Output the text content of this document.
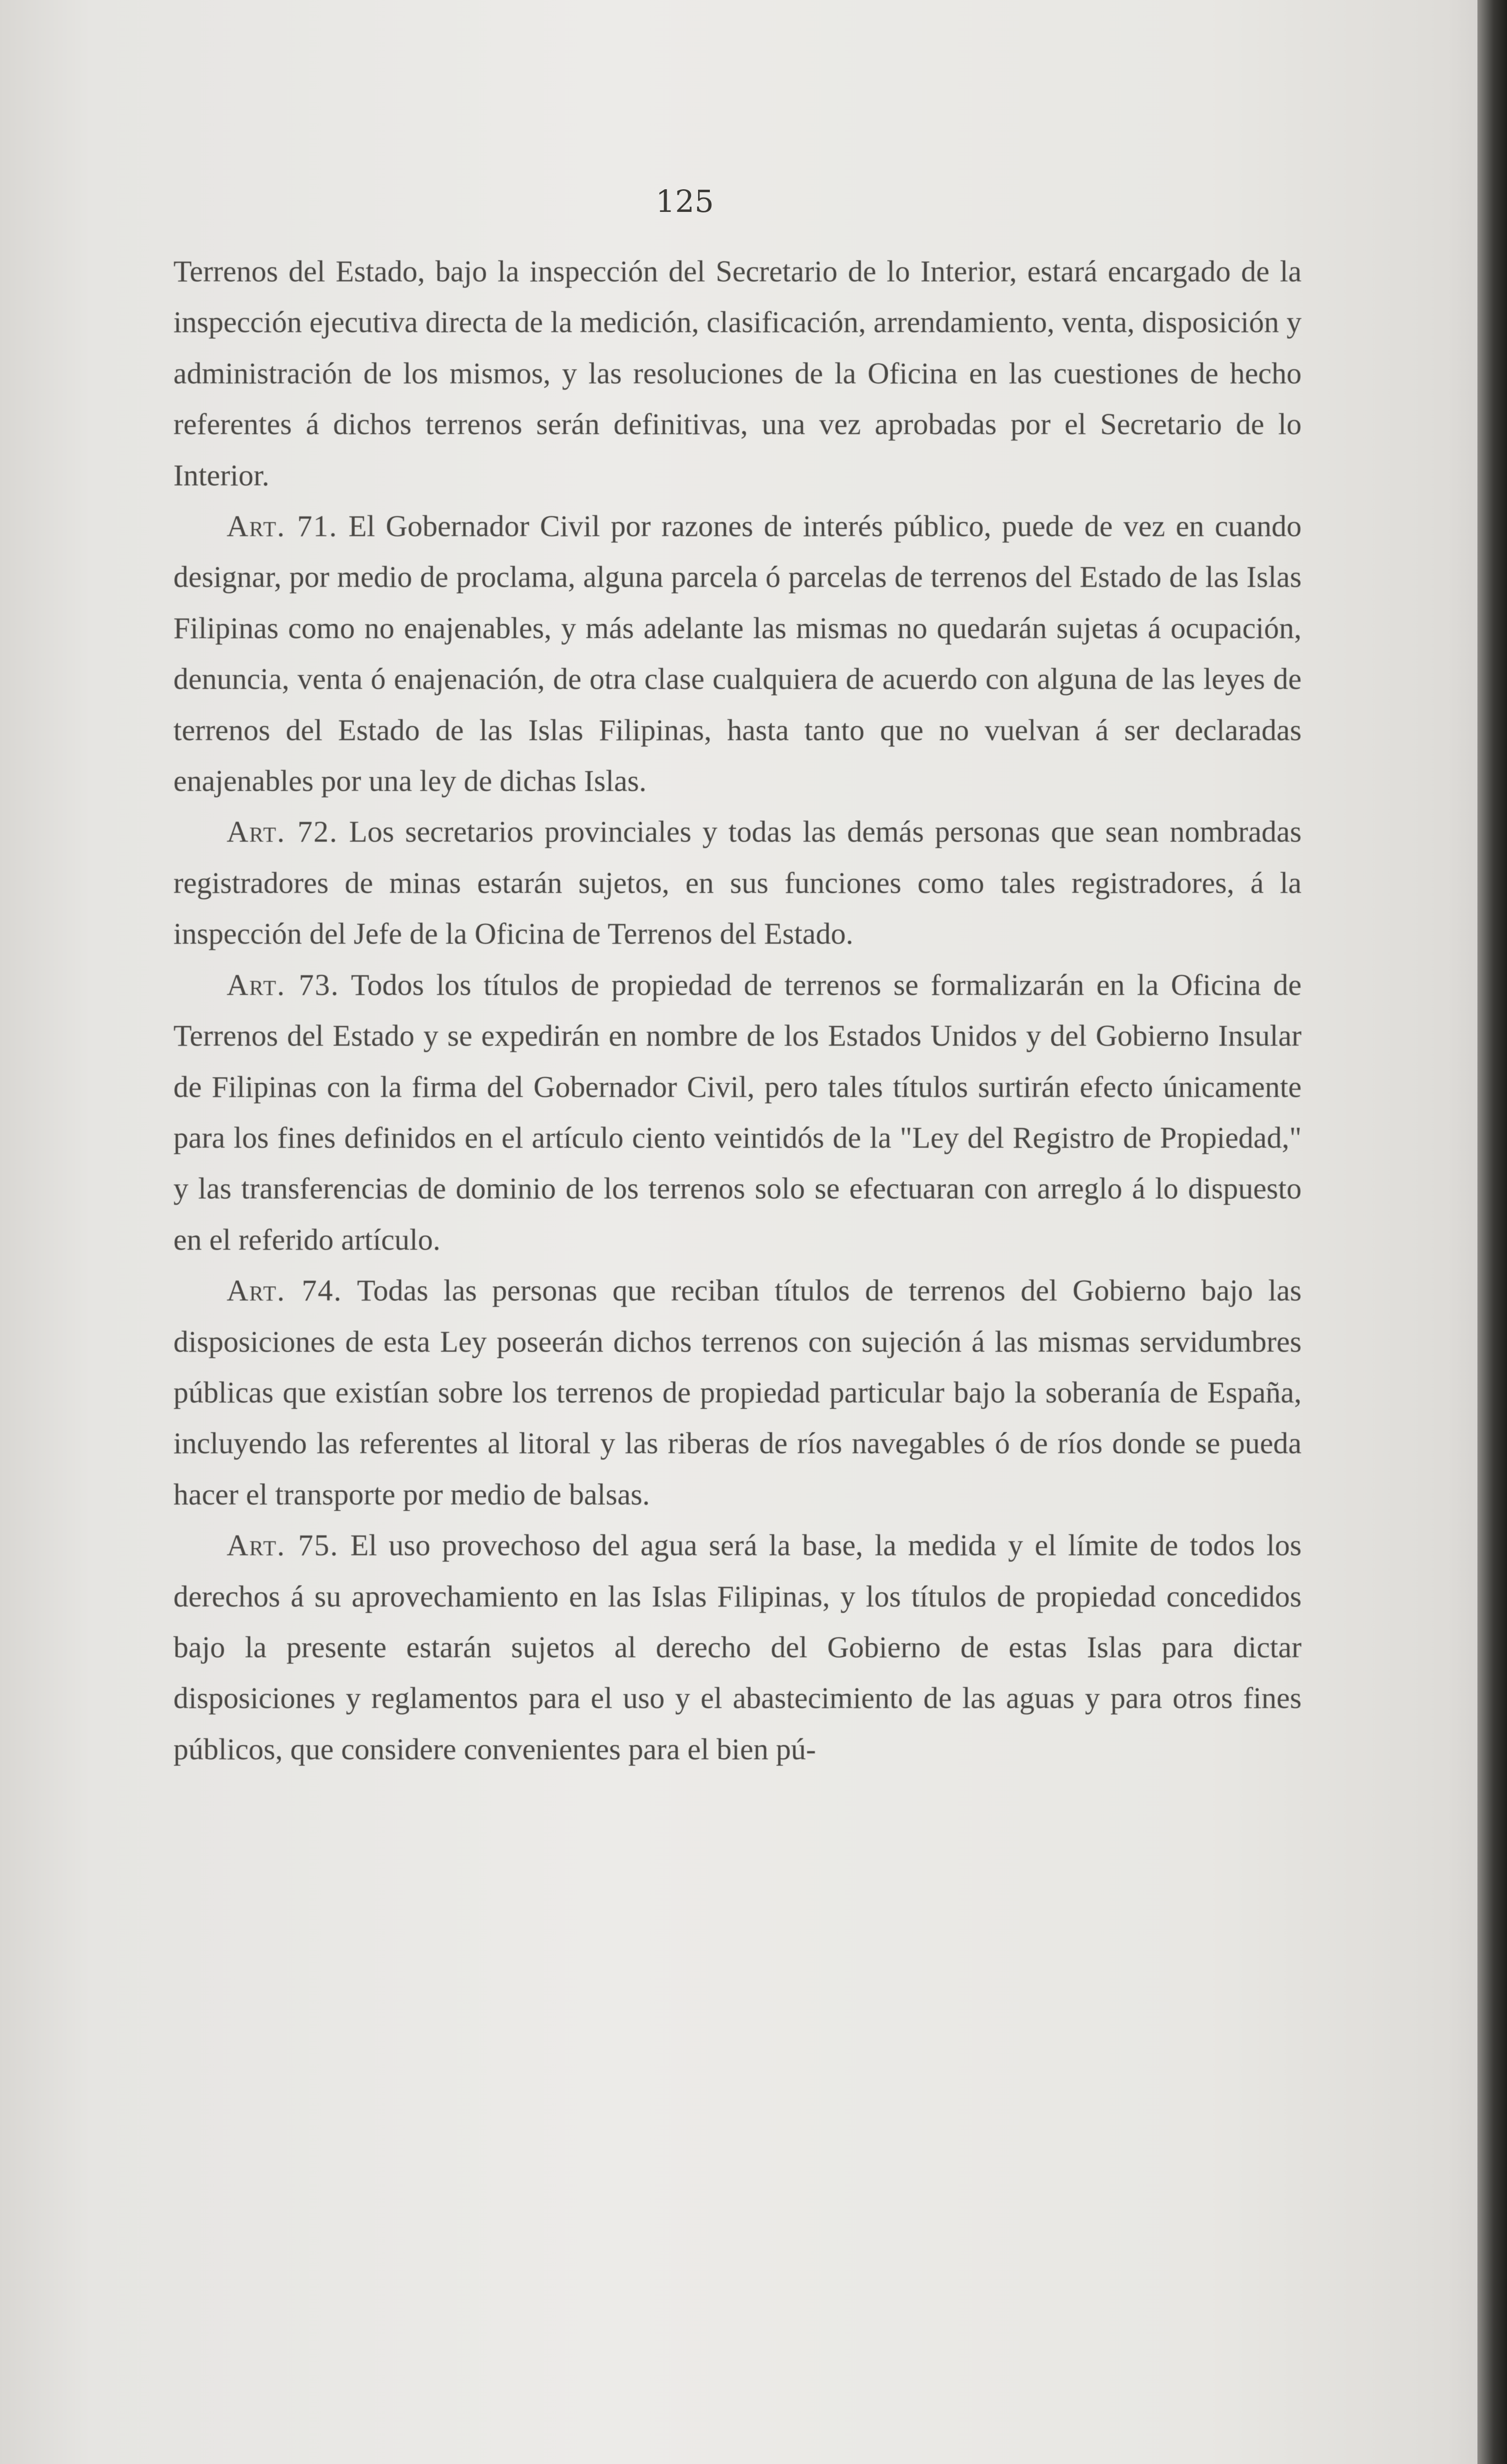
125

Terrenos del Estado, bajo la inspección del Secretario de lo Interior, estará encargado de la inspección ejecutiva directa de la medición, clasificación, arrendamiento, venta, disposición y administración de los mismos, y las resoluciones de la Oficina en las cuestiones de hecho referentes á dichos terrenos serán definitivas, una vez aprobadas por el Secretario de lo Interior.

Art. 71. El Gobernador Civil por razones de interés público, puede de vez en cuando designar, por medio de proclama, alguna parcela ó parcelas de terrenos del Estado de las Islas Filipinas como no enajenables, y más adelante las mismas no quedarán sujetas á ocupación, denuncia, venta ó enajenación, de otra clase cualquiera de acuerdo con alguna de las leyes de terrenos del Estado de las Islas Filipinas, hasta tanto que no vuelvan á ser declaradas enajenables por una ley de dichas Islas.

Art. 72. Los secretarios provinciales y todas las demás personas que sean nombradas registradores de minas estarán sujetos, en sus funciones como tales registradores, á la inspección del Jefe de la Oficina de Terrenos del Estado.

Art. 73. Todos los títulos de propiedad de terrenos se formalizarán en la Oficina de Terrenos del Estado y se expedirán en nombre de los Estados Unidos y del Gobierno Insular de Filipinas con la firma del Gobernador Civil, pero tales títulos surtirán efecto únicamente para los fines definidos en el artículo ciento veintidós de la "Ley del Registro de Propiedad," y las transferencias de dominio de los terrenos solo se efectuaran con arreglo á lo dispuesto en el referido artículo.

Art. 74. Todas las personas que reciban títulos de terrenos del Gobierno bajo las disposiciones de esta Ley poseerán dichos terrenos con sujeción á las mismas servidumbres públicas que existían sobre los terrenos de propiedad particular bajo la soberanía de España, incluyendo las referentes al litoral y las riberas de ríos navegables ó de ríos donde se pueda hacer el transporte por medio de balsas.

Art. 75. El uso provechoso del agua será la base, la medida y el límite de todos los derechos á su aprovechamiento en las Islas Filipinas, y los títulos de propiedad concedidos bajo la presente estarán sujetos al derecho del Gobierno de estas Islas para dictar disposiciones y reglamentos para el uso y el abastecimiento de las aguas y para otros fines públicos, que considere convenientes para el bien pú-
